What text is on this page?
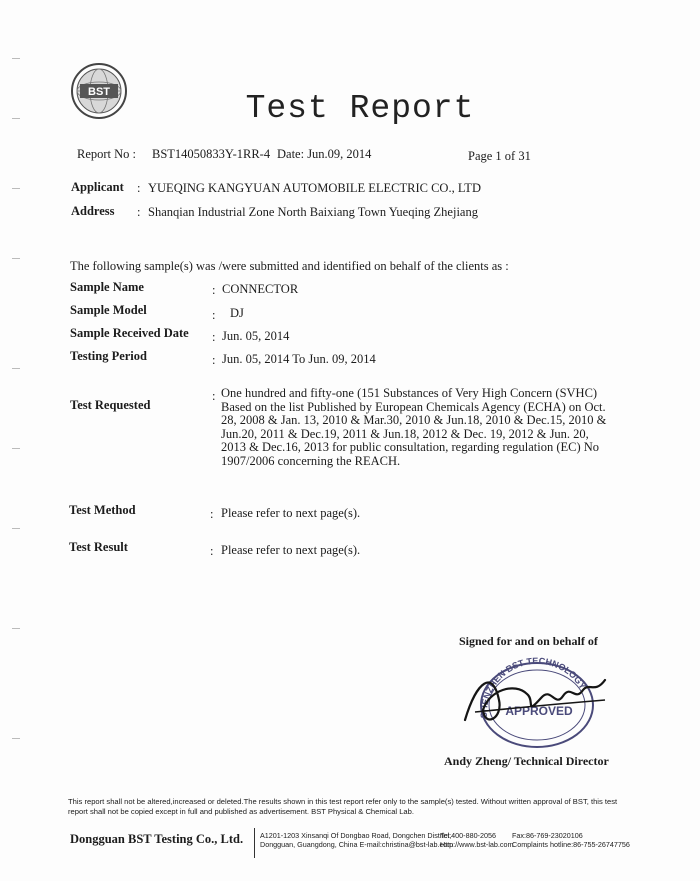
BST	Test Report
Report No : BST14050833Y-1RR-4 Date: Jun.09, 2014	Page 1 of 31
Applicant : YUEQING KANGYUAN AUTOMOBILE ELECTRIC CO., LTD
Address : Shanqian Industrial Zone North Baixiang Town Yueqing Zhejiang
The following sample(s) was /were submitted and identified on behalf of the clients as :
Sample Name	: CONNECTOR
Sample Model	: DJ
Sample Received Date : Jun. 05, 2014
Testing Period	: Jun. 05, 2014 To Jun. 09, 2014
Test Requested
: One hundred and fifty-one (151 Substances of Very High Concern (SVHC)
Based on the list Published by European Chemicals Agency (ECHA) on Oct.
28, 2008 & Jan. 13, 2010 & Mar.30, 2010 & Jun.18, 2010 & Dec.15, 2010 &
Jun.20, 2011 & Dec.19, 2011 & Jun.18, 2012 & Dec. 19, 2012 & Jun. 20,
2013 & Dec.16, 2013 for public consultation, regarding regulation (EC) No
1907/2006 concerning the REACH.
Test Method	: Please refer to next page(s).
Test Result	: Please refer to next page(s).
Signed for and on behalf of
SHENZHEN BST TECHNOLOGY
APPROVED
Andy Zheng/ Technical Director
This report shall not be altered,increased or deleted.The results shown in this test report refer only to the sample(s) tested. Without written approval of BST, this test
report shall not be copied except in full and published as advertisement. BST Physical & Chemical Lab.
Dongguan BST Testing Co., Ltd. A1201-1203 Xinsanqi Of Dongbao Road, Dongchen District,
Dongguan, Guangdong, China E-mail:christina@bst-lab.com
Tel:400-880-2056
Http://www.bst-lab.com
Fax:86-769-23020106
Complaints hotline:86-755-26747756
